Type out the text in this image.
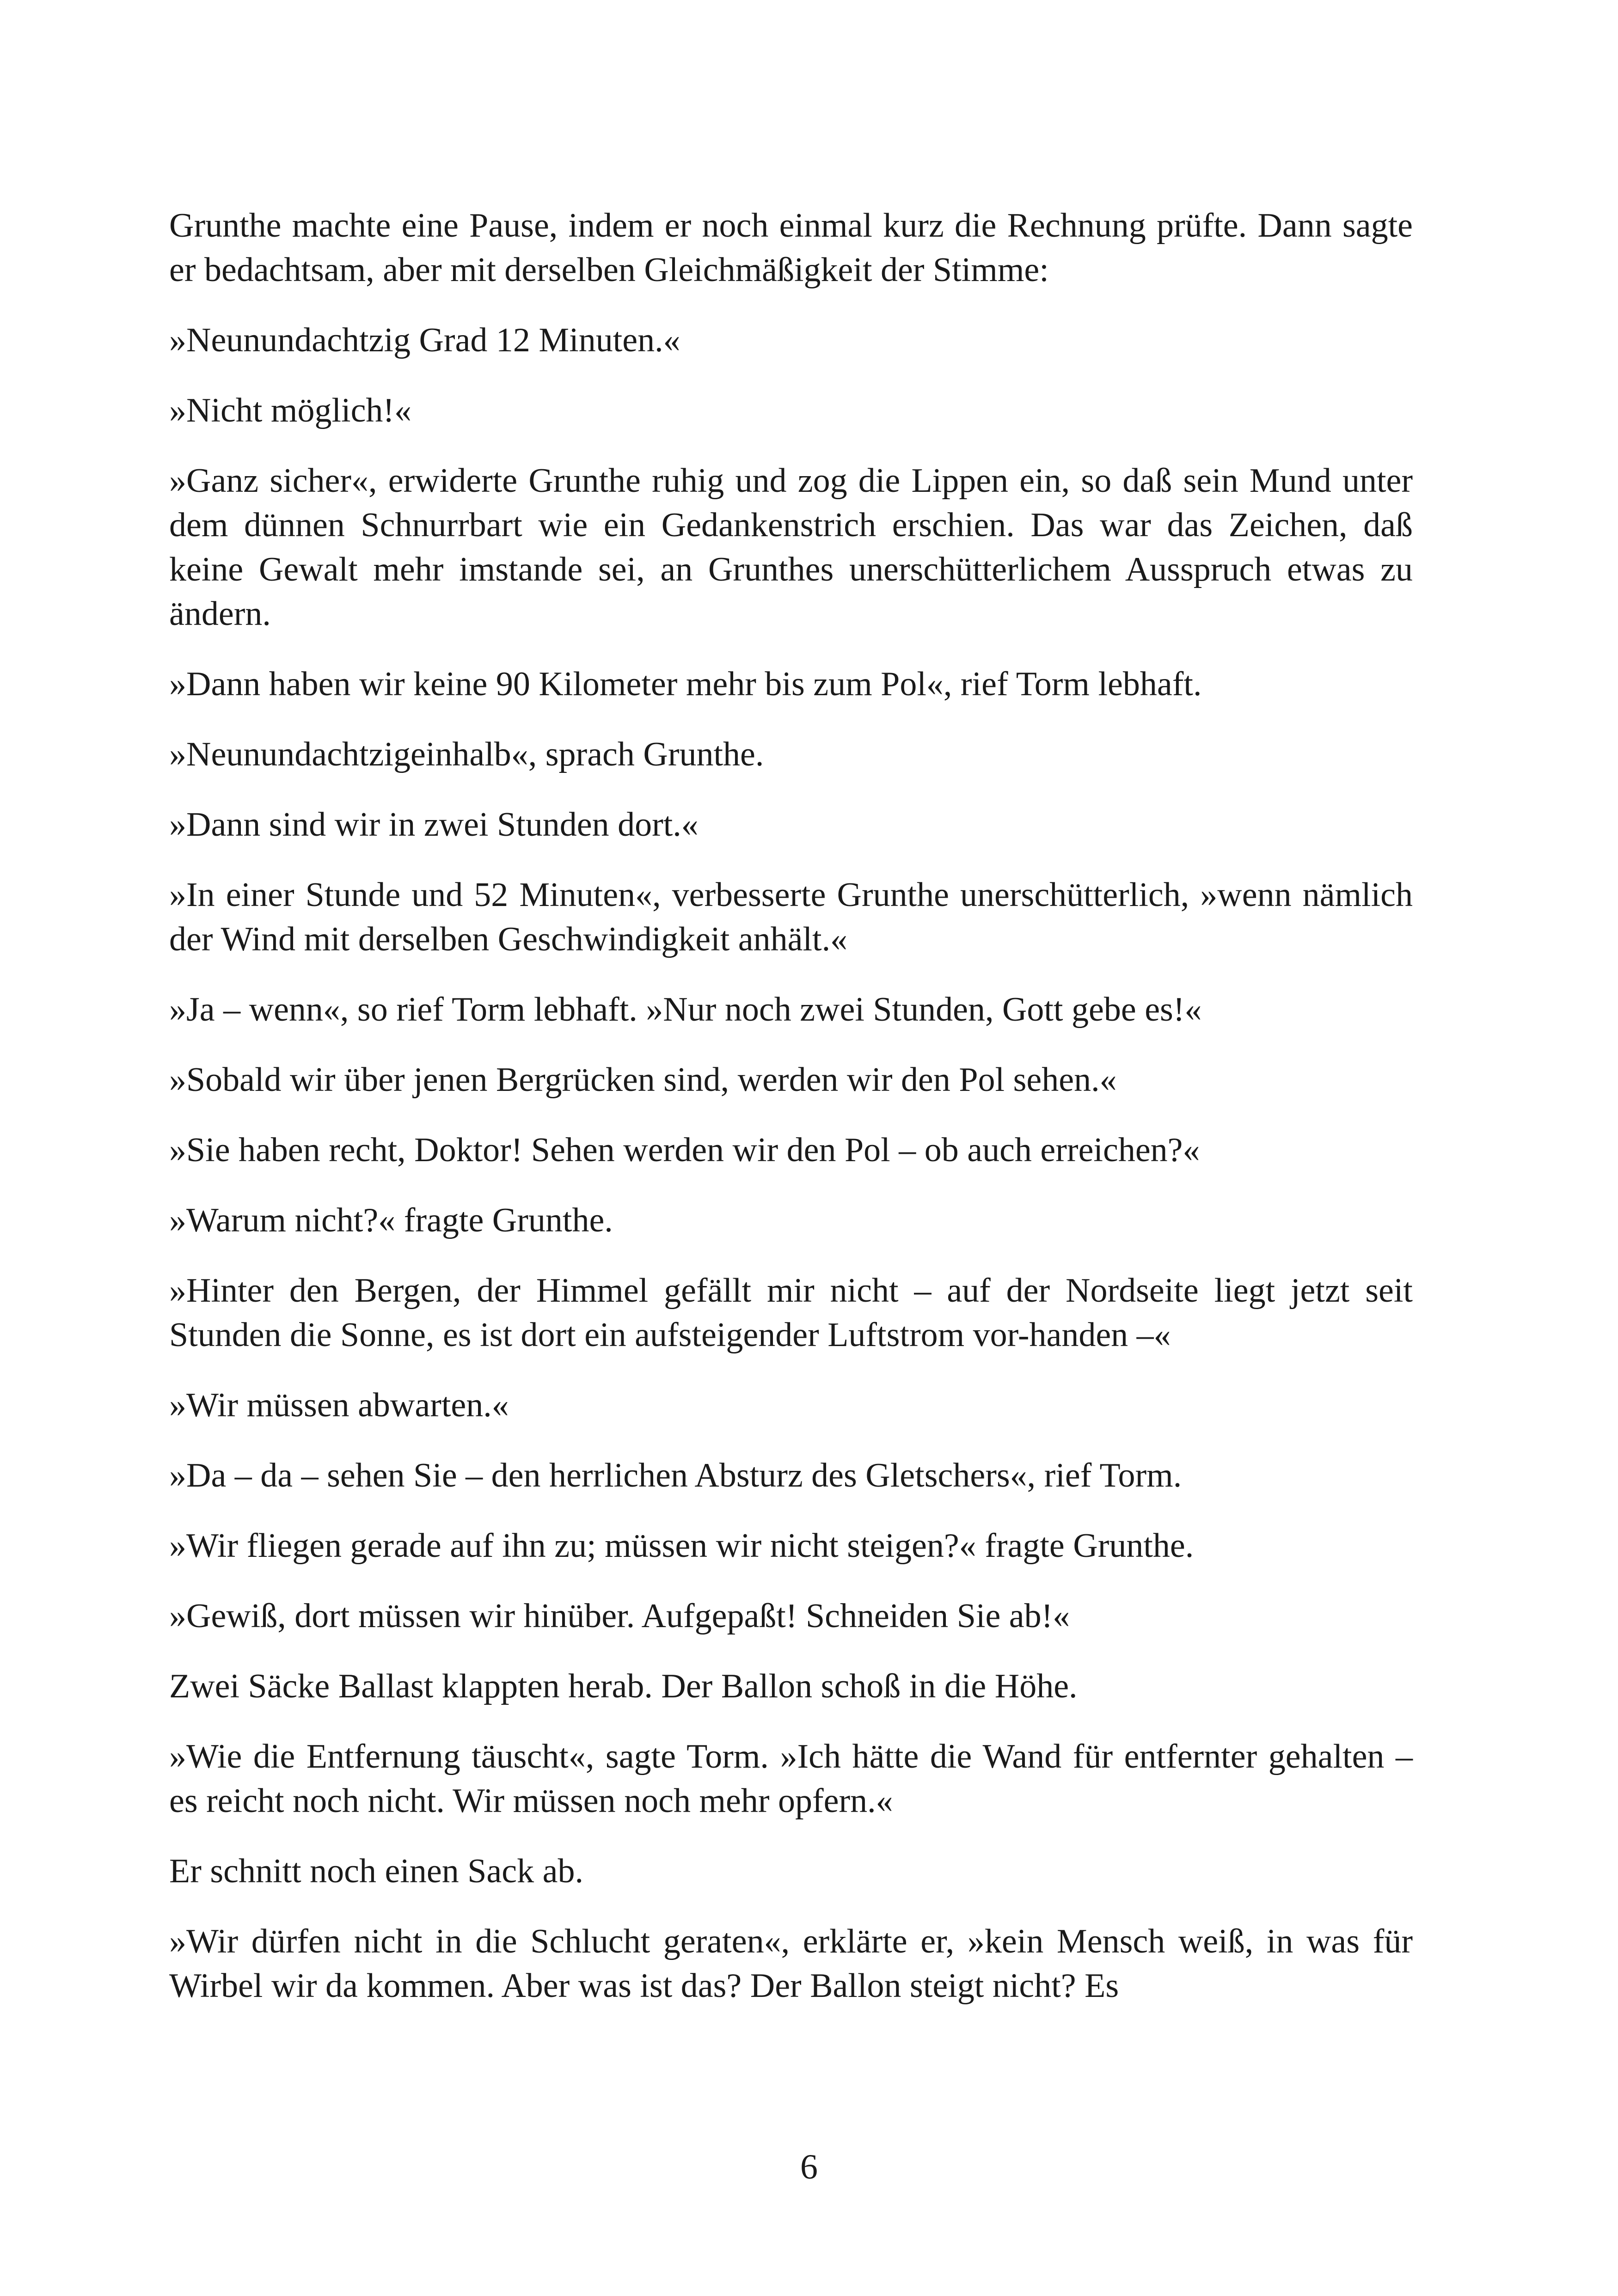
Grunthe machte eine Pause, indem er noch einmal kurz die Rechnung prüfte. Dann sagte er bedachtsam, aber mit derselben Gleichmäßigkeit der Stimme:

»Neunundachtzig Grad 12 Minuten.«

»Nicht möglich!«

»Ganz sicher«, erwiderte Grunthe ruhig und zog die Lippen ein, so daß sein Mund unter dem dünnen Schnurrbart wie ein Gedankenstrich erschien. Das war das Zeichen, daß keine Gewalt mehr imstande sei, an Grunthes unerschütterlichem Ausspruch etwas zu ändern.

»Dann haben wir keine 90 Kilometer mehr bis zum Pol«, rief Torm lebhaft.

»Neunundachtzigeinhalb«, sprach Grunthe.

»Dann sind wir in zwei Stunden dort.«

»In einer Stunde und 52 Minuten«, verbesserte Grunthe unerschütterlich, »wenn nämlich der Wind mit derselben Geschwindigkeit anhält.«

»Ja – wenn«, so rief Torm lebhaft. »Nur noch zwei Stunden, Gott gebe es!«

»Sobald wir über jenen Bergrücken sind, werden wir den Pol sehen.«

»Sie haben recht, Doktor! Sehen werden wir den Pol – ob auch erreichen?«

»Warum nicht?« fragte Grunthe.

»Hinter den Bergen, der Himmel gefällt mir nicht – auf der Nordseite liegt jetzt seit Stunden die Sonne, es ist dort ein aufsteigender Luftstrom vor-handen –«

»Wir müssen abwarten.«

»Da – da – sehen Sie – den herrlichen Absturz des Gletschers«, rief Torm.

»Wir fliegen gerade auf ihn zu; müssen wir nicht steigen?« fragte Grunthe.

»Gewiß, dort müssen wir hinüber. Aufgepaßt! Schneiden Sie ab!«

Zwei Säcke Ballast klappten herab. Der Ballon schoß in die Höhe.

»Wie die Entfernung täuscht«, sagte Torm. »Ich hätte die Wand für entfernter gehalten – es reicht noch nicht. Wir müssen noch mehr opfern.«

Er schnitt noch einen Sack ab.

»Wir dürfen nicht in die Schlucht geraten«, erklärte er, »kein Mensch weiß, in was für Wirbel wir da kommen. Aber was ist das? Der Ballon steigt nicht? Es

6
